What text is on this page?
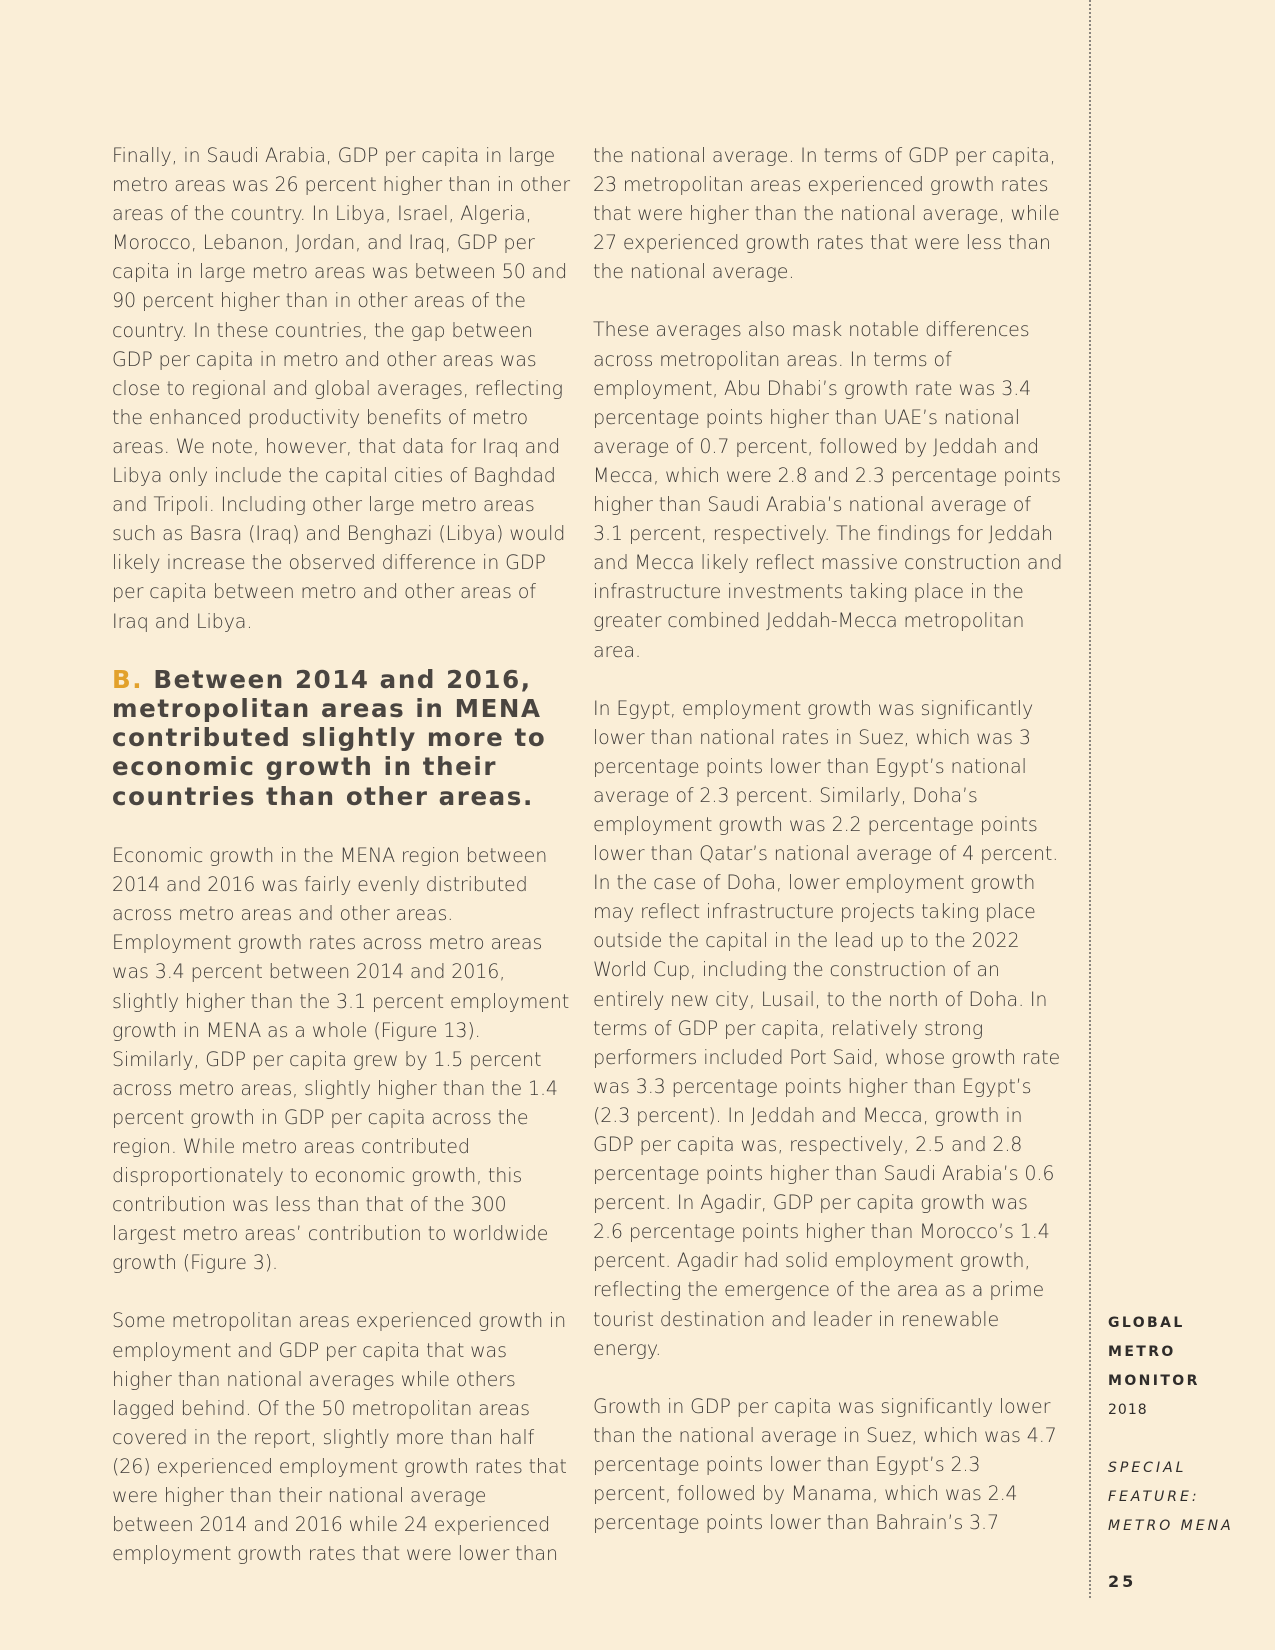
Finally, in Saudi Arabia, GDP per capita in large metro areas was 26 percent higher than in other areas of the country. In Libya, Israel, Algeria, Morocco, Lebanon, Jordan, and Iraq, GDP per capita in large metro areas was between 50 and 90 percent higher than in other areas of the country. In these countries, the gap between GDP per capita in metro and other areas was close to regional and global averages, reflecting the enhanced productivity benefits of metro areas. We note, however, that data for Iraq and Libya only include the capital cities of Baghdad and Tripoli. Including other large metro areas such as Basra (Iraq) and Benghazi (Libya) would likely increase the observed difference in GDP per capita between metro and other areas of Iraq and Libya.

B. Between 2014 and 2016, metropolitan areas in MENA contributed slightly more to economic growth in their countries than other areas.

Economic growth in the MENA region between 2014 and 2016 was fairly evenly distributed across metro areas and other areas. Employment growth rates across metro areas was 3.4 percent between 2014 and 2016, slightly higher than the 3.1 percent employment growth in MENA as a whole (Figure 13). Similarly, GDP per capita grew by 1.5 percent across metro areas, slightly higher than the 1.4 percent growth in GDP per capita across the region. While metro areas contributed disproportionately to economic growth, this contribution was less than that of the 300 largest metro areas’ contribution to worldwide growth (Figure 3).

Some metropolitan areas experienced growth in employment and GDP per capita that was higher than national averages while others lagged behind. Of the 50 metropolitan areas covered in the report, slightly more than half (26) experienced employment growth rates that were higher than their national average between 2014 and 2016 while 24 experienced employment growth rates that were lower than

the national average. In terms of GDP per capita, 23 metropolitan areas experienced growth rates that were higher than the national average, while 27 experienced growth rates that were less than the national average.

These averages also mask notable differences across metropolitan areas. In terms of employment, Abu Dhabi’s growth rate was 3.4 percentage points higher than UAE’s national average of 0.7 percent, followed by Jeddah and Mecca, which were 2.8 and 2.3 percentage points higher than Saudi Arabia’s national average of 3.1 percent, respectively. The findings for Jeddah and Mecca likely reflect massive construction and infrastructure investments taking place in the greater combined Jeddah-Mecca metropolitan area.

In Egypt, employment growth was significantly lower than national rates in Suez, which was 3 percentage points lower than Egypt’s national average of 2.3 percent. Similarly, Doha’s employment growth was 2.2 percentage points lower than Qatar’s national average of 4 percent. In the case of Doha, lower employment growth may reflect infrastructure projects taking place outside the capital in the lead up to the 2022 World Cup, including the construction of an entirely new city, Lusail, to the north of Doha. In terms of GDP per capita, relatively strong performers included Port Said, whose growth rate was 3.3 percentage points higher than Egypt’s (2.3 percent). In Jeddah and Mecca, growth in GDP per capita was, respectively, 2.5 and 2.8 percentage points higher than Saudi Arabia’s 0.6 percent. In Agadir, GDP per capita growth was 2.6 percentage points higher than Morocco’s 1.4 percent. Agadir had solid employment growth, reflecting the emergence of the area as a prime tourist destination and leader in renewable energy.

Growth in GDP per capita was significantly lower than the national average in Suez, which was 4.7 percentage points lower than Egypt’s 2.3 percent, followed by Manama, which was 2.4 percentage points lower than Bahrain’s 3.7

GLOBAL
METRO
MONITOR
2018
SPECIAL
FEATURE:
METRO MENA
25
